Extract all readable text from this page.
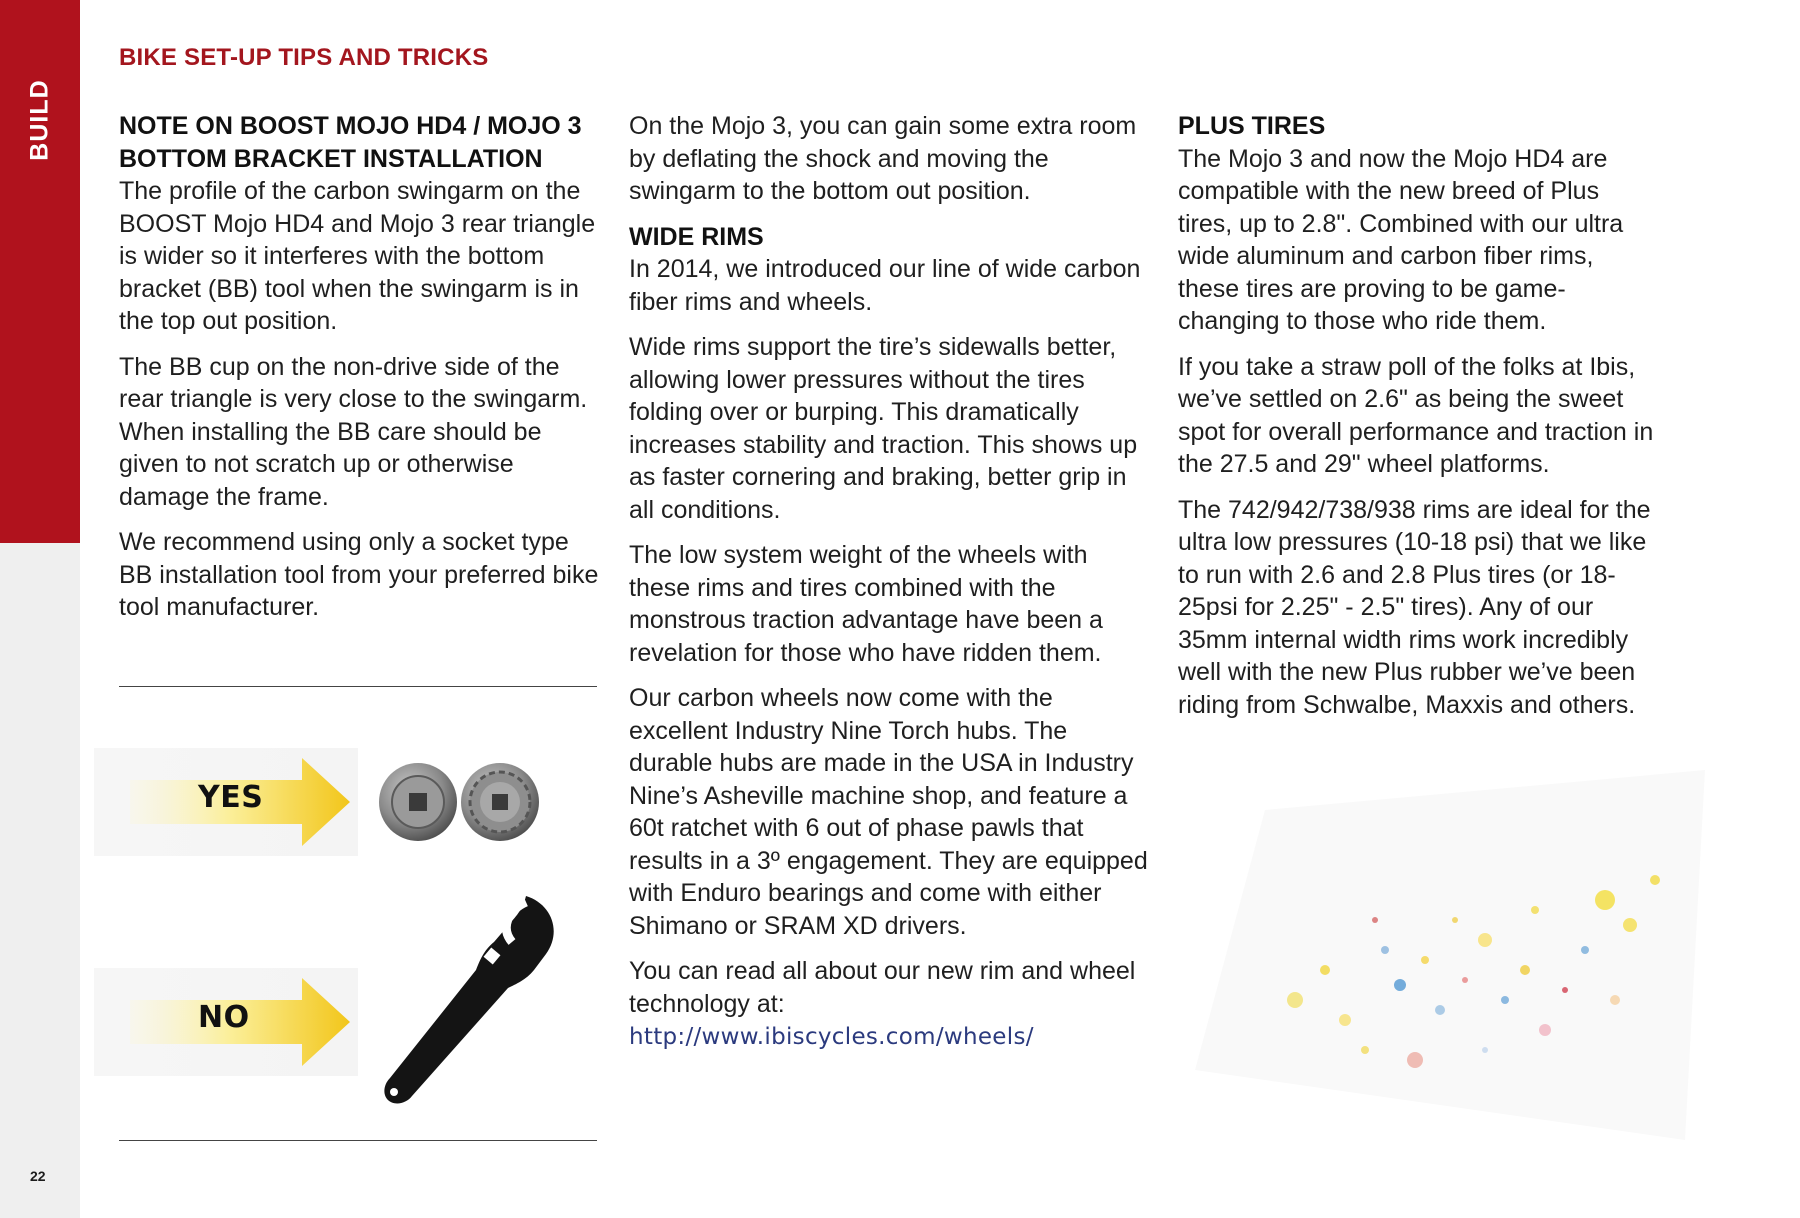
BUILD
22
BIKE SET-UP TIPS AND TRICKS
NOTE ON BOOST MOJO HD4 / MOJO 3
BOTTOM BRACKET INSTALLATION

The profile of the carbon swingarm on the BOOST Mojo HD4 and Mojo 3 rear triangle is wider so it interferes with the bottom bracket (BB) tool when the swingarm is in the top out position.

The BB cup on the non-drive side of the rear triangle is very close to the swingarm. When installing the BB care should be given to not scratch up or otherwise damage the frame.

We recommend using only a socket type BB installation tool from your preferred bike tool manufacturer.

YES
NO

On the Mojo 3, you can gain some extra room by deflating the shock and moving the swingarm to the bottom out position.

WIDE RIMS

In 2014, we introduced our line of wide carbon fiber rims and wheels.

Wide rims support the tire’s sidewalls better, allowing lower pressures without the tires folding over or burping. This dramatically increases stability and traction. This shows up as faster cornering and braking, better grip in all conditions.

The low system weight of the wheels with these rims and tires combined with the monstrous traction advantage have been a revelation for those who have ridden them.

Our carbon wheels now come with the excellent Industry Nine Torch hubs. The durable hubs are made in the USA in Industry Nine’s Asheville machine shop, and feature a 60t ratchet with 6 out of phase pawls that results in a 3º engagement. They are equipped with Enduro bearings and come with either Shimano or SRAM XD drivers.

You can read all about our new rim and wheel technology at:
http://www.ibiscycles.com/wheels/

PLUS TIRES

The Mojo 3 and now the Mojo HD4 are compatible with the new breed of Plus tires, up to 2.8". Combined with our ultra wide aluminum and carbon fiber rims, these tires are proving to be game-changing to those who ride them.

If you take a straw poll of the folks at Ibis, we’ve settled on 2.6" as being the sweet spot for overall performance and traction in the 27.5 and 29" wheel platforms.

The 742/942/738/938 rims are ideal for the ultra low pressures (10-18 psi) that we like to run with 2.6 and 2.8 Plus tires (or 18-25psi for 2.25" - 2.5" tires). Any of our 35mm internal width rims work incredibly well with the new Plus rubber we’ve been riding from Schwalbe, Maxxis and others.
